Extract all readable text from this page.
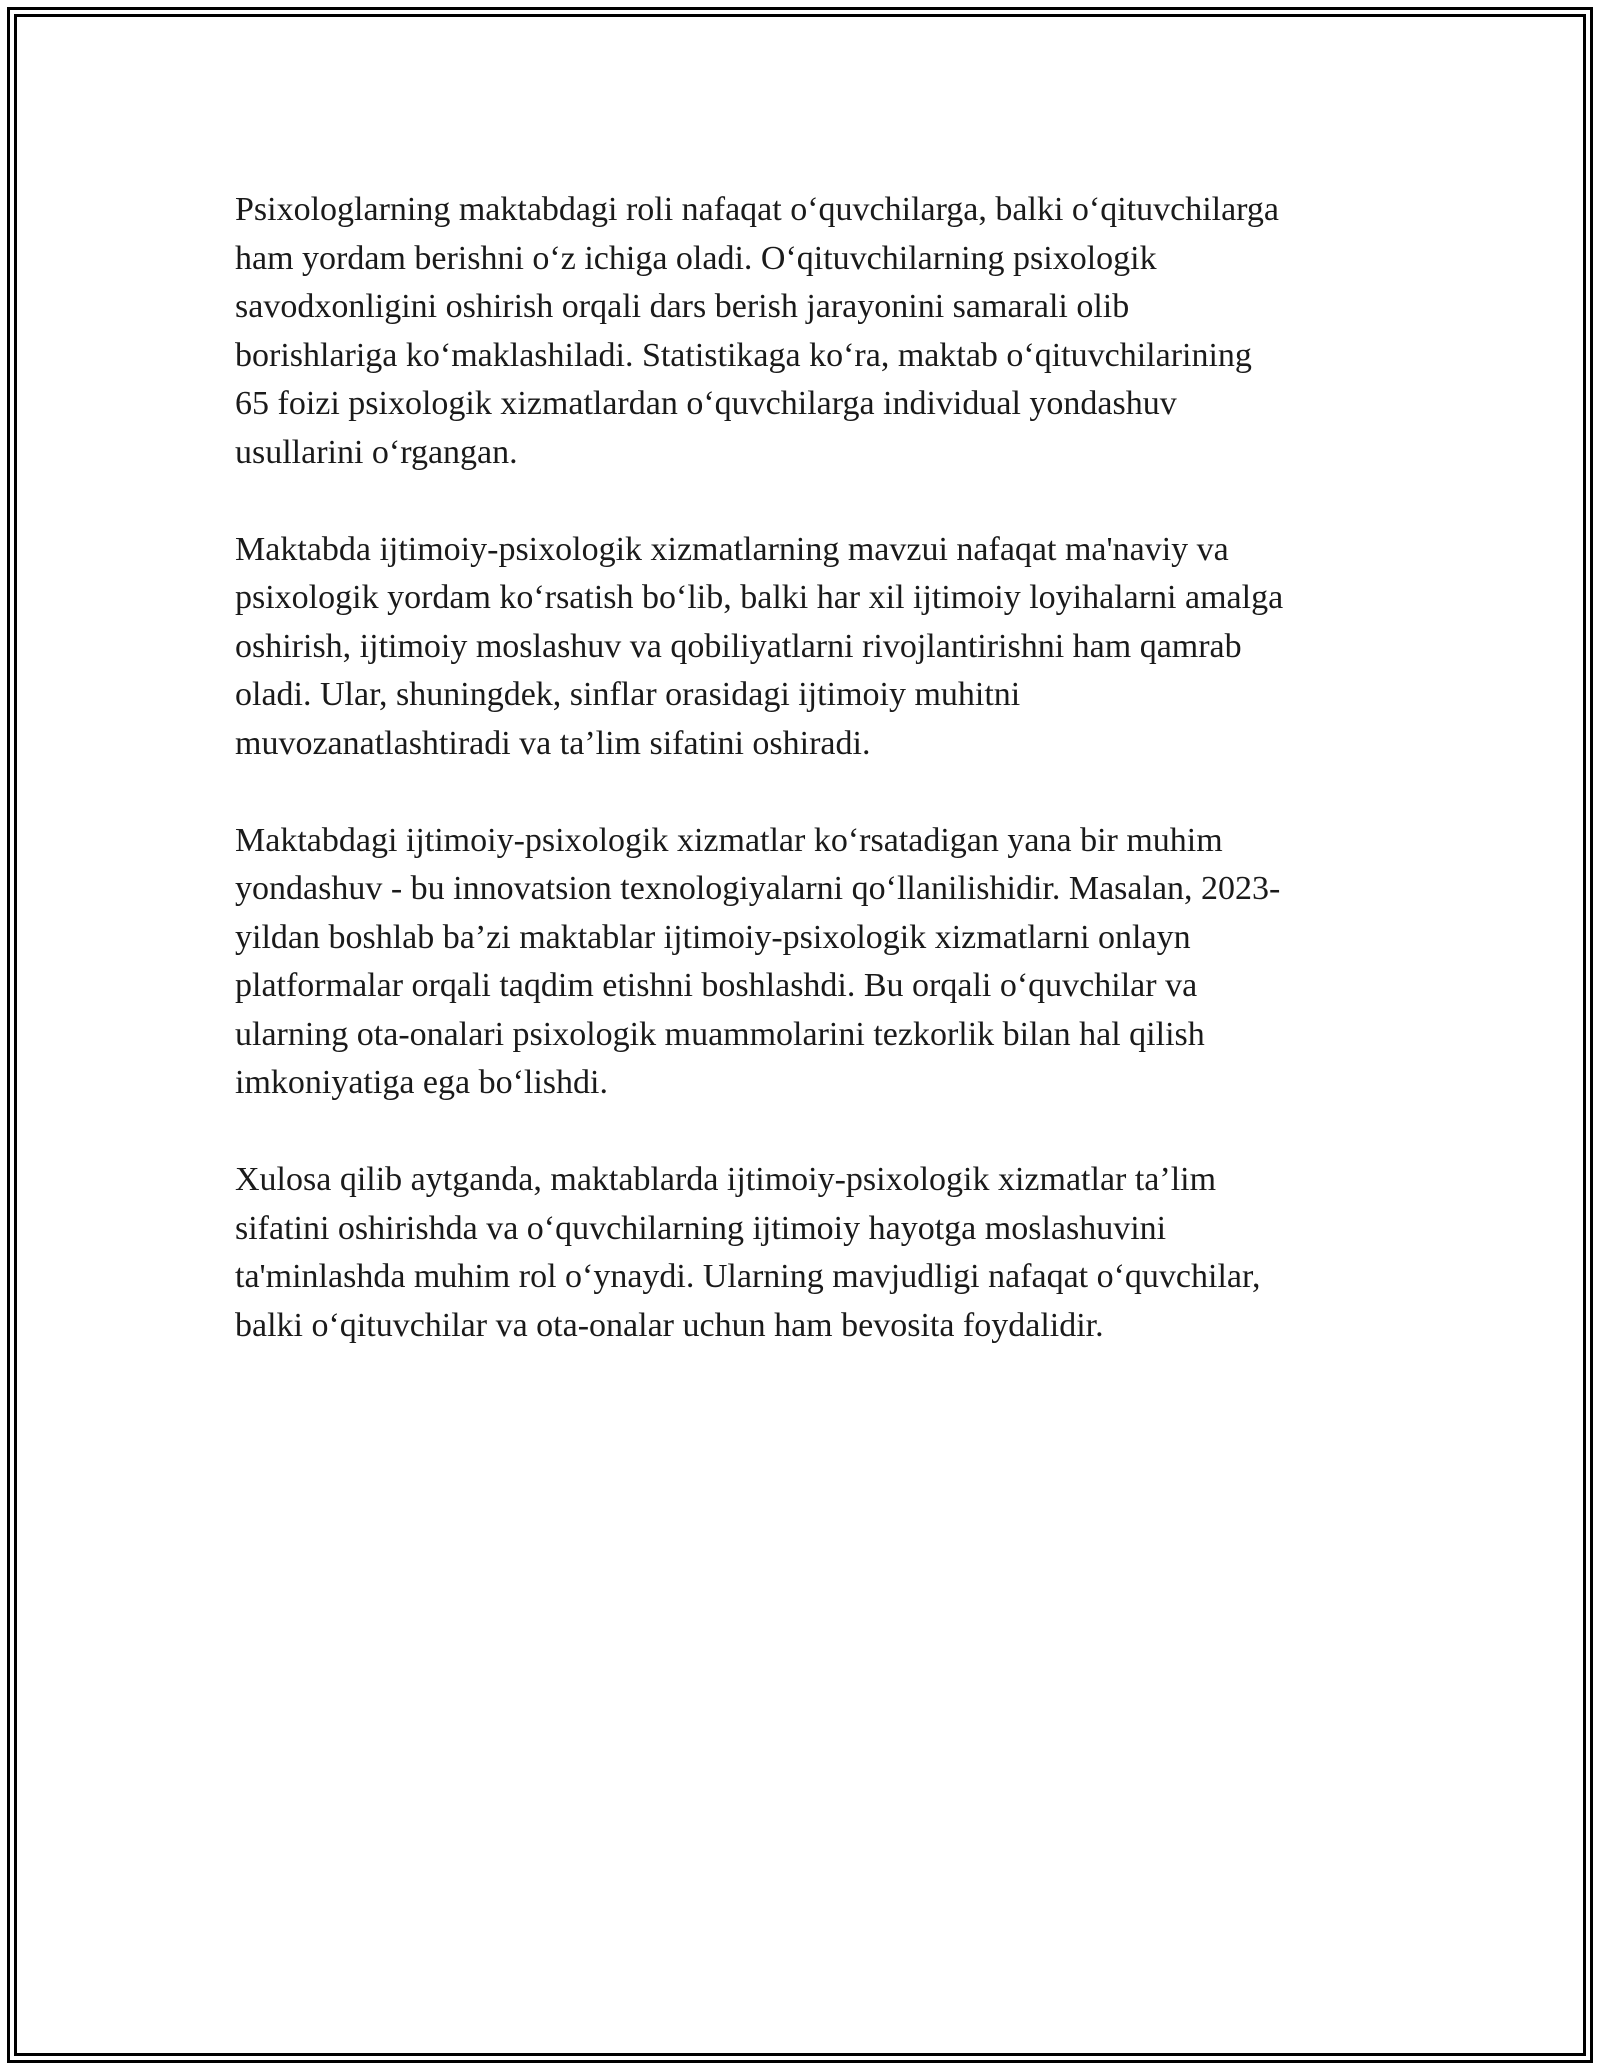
Psixologlarning maktabdagi roli nafaqat o‘quvchilarga, balki o‘qituvchilarga
ham yordam berishni o‘z ichiga oladi. O‘qituvchilarning psixologik
savodxonligini oshirish orqali dars berish jarayonini samarali olib
borishlariga ko‘maklashiladi. Statistikaga ko‘ra, maktab o‘qituvchilarining
65 foizi psixologik xizmatlardan o‘quvchilarga individual yondashuv
usullarini o‘rgangan.

Maktabda ijtimoiy-psixologik xizmatlarning mavzui nafaqat ma'naviy va
psixologik yordam ko‘rsatish bo‘lib, balki har xil ijtimoiy loyihalarni amalga
oshirish, ijtimoiy moslashuv va qobiliyatlarni rivojlantirishni ham qamrab
oladi. Ular, shuningdek, sinflar orasidagi ijtimoiy muhitni
muvozanatlashtiradi va ta’lim sifatini oshiradi.

Maktabdagi ijtimoiy-psixologik xizmatlar ko‘rsatadigan yana bir muhim
yondashuv - bu innovatsion texnologiyalarni qo‘llanilishidir. Masalan, 2023-
yildan boshlab ba’zi maktablar ijtimoiy-psixologik xizmatlarni onlayn
platformalar orqali taqdim etishni boshlashdi. Bu orqali o‘quvchilar va
ularning ota-onalari psixologik muammolarini tezkorlik bilan hal qilish
imkoniyatiga ega bo‘lishdi.

Xulosa qilib aytganda, maktablarda ijtimoiy-psixologik xizmatlar ta’lim
sifatini oshirishda va o‘quvchilarning ijtimoiy hayotga moslashuvini
ta'minlashda muhim rol o‘ynaydi. Ularning mavjudligi nafaqat o‘quvchilar,
balki o‘qituvchilar va ota-onalar uchun ham bevosita foydalidir.
